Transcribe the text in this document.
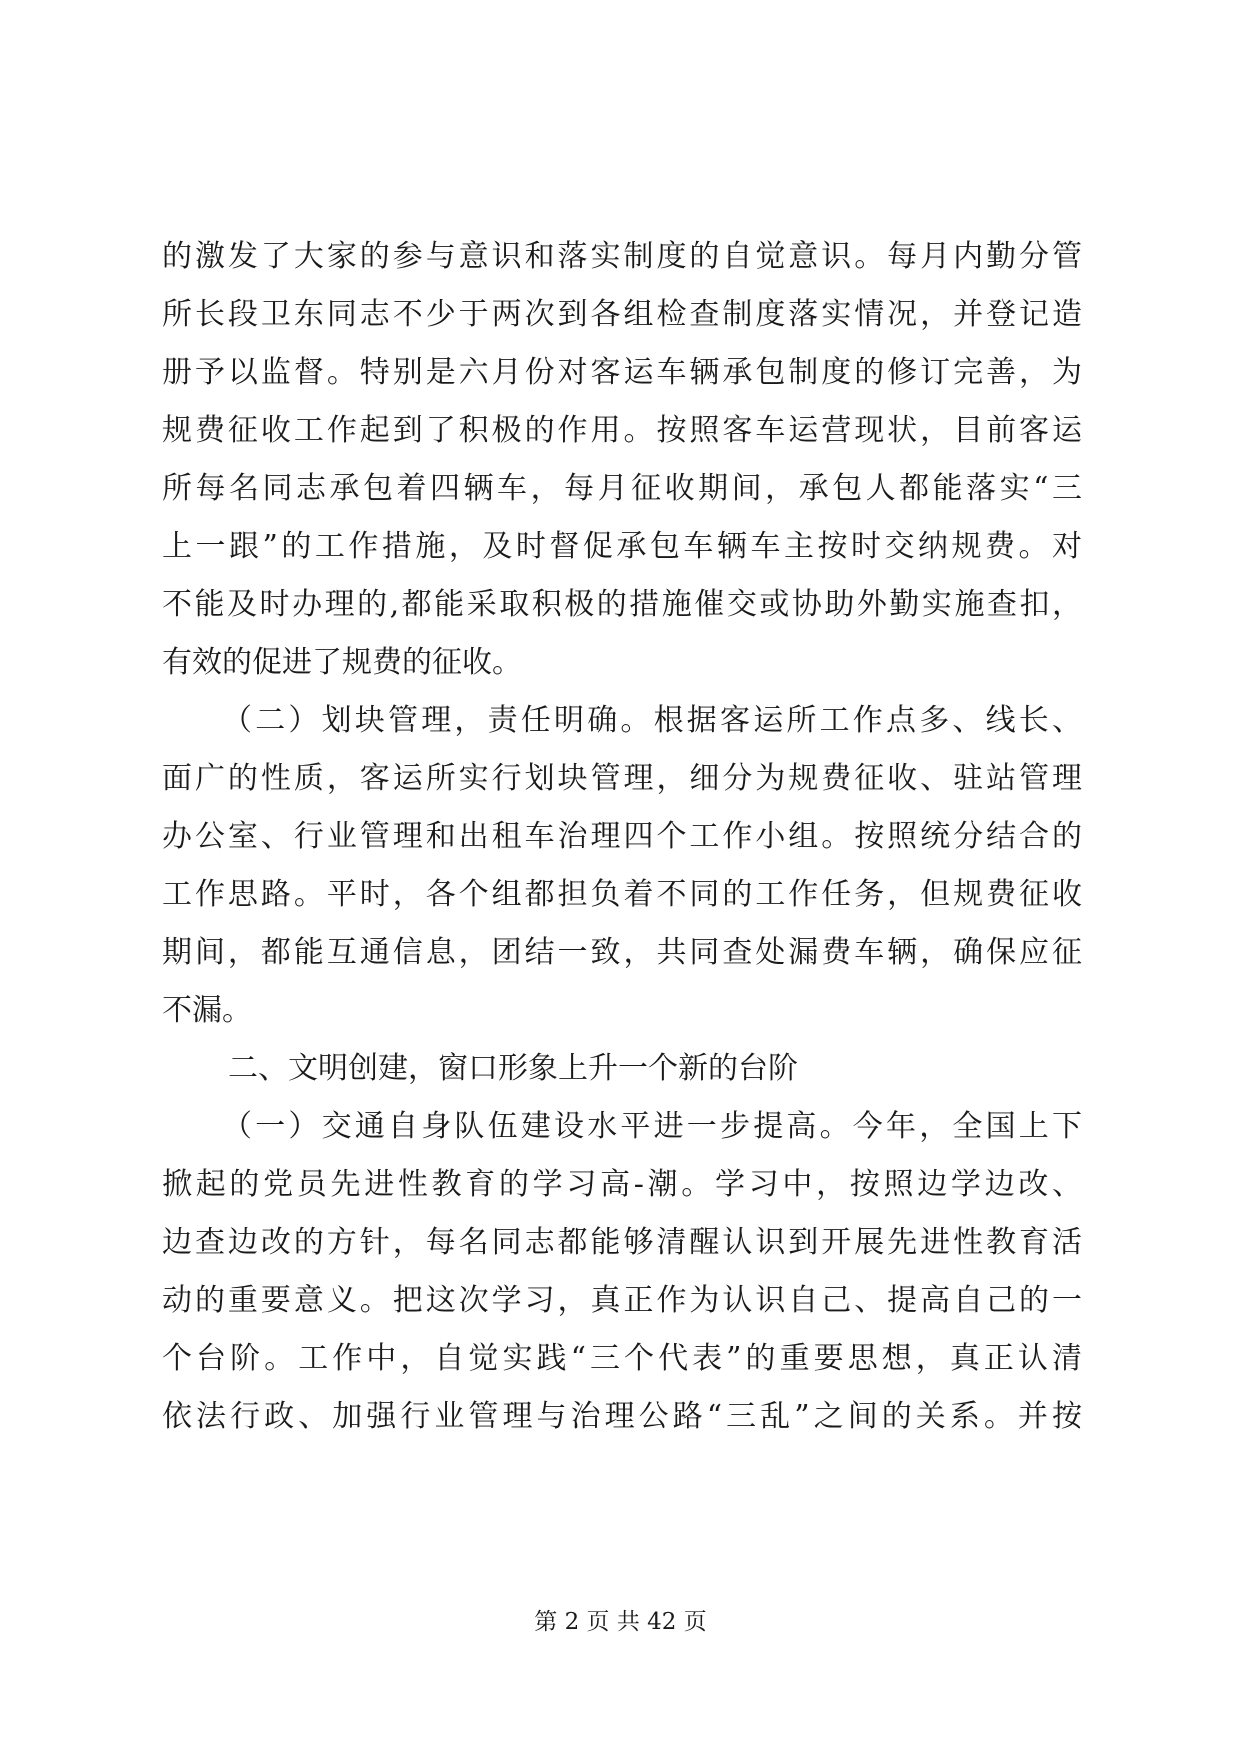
的激发了大家的参与意识和落实制度的自觉意识。每月内勤分管
所长段卫东同志不少于两次到各组检查制度落实情况，并登记造
册予以监督。特别是六月份对客运车辆承包制度的修订完善，为
规费征收工作起到了积极的作用。按照客车运营现状，目前客运
所每名同志承包着四辆车，每月征收期间，承包人都能落实“三
上一跟”的工作措施，及时督促承包车辆车主按时交纳规费。对
不能及时办理的,都能采取积极的措施催交或协助外勤实施查扣，
有效的促进了规费的征收。
（二）划块管理，责任明确。根据客运所工作点多、线长、
面广的性质，客运所实行划块管理，细分为规费征收、驻站管理
办公室、行业管理和出租车治理四个工作小组。按照统分结合的
工作思路。平时，各个组都担负着不同的工作任务，但规费征收
期间，都能互通信息，团结一致，共同查处漏费车辆，确保应征
不漏。
二、文明创建，窗口形象上升一个新的台阶
（一）交通自身队伍建设水平进一步提高。今年，全国上下
掀起的党员先进性教育的学习高-潮。学习中，按照边学边改、
边查边改的方针，每名同志都能够清醒认识到开展先进性教育活
动的重要意义。把这次学习，真正作为认识自己、提高自己的一
个台阶。工作中，自觉实践“三个代表”的重要思想，真正认清
依法行政、加强行业管理与治理公路“三乱”之间的关系。并按
第 2 页 共 42 页
